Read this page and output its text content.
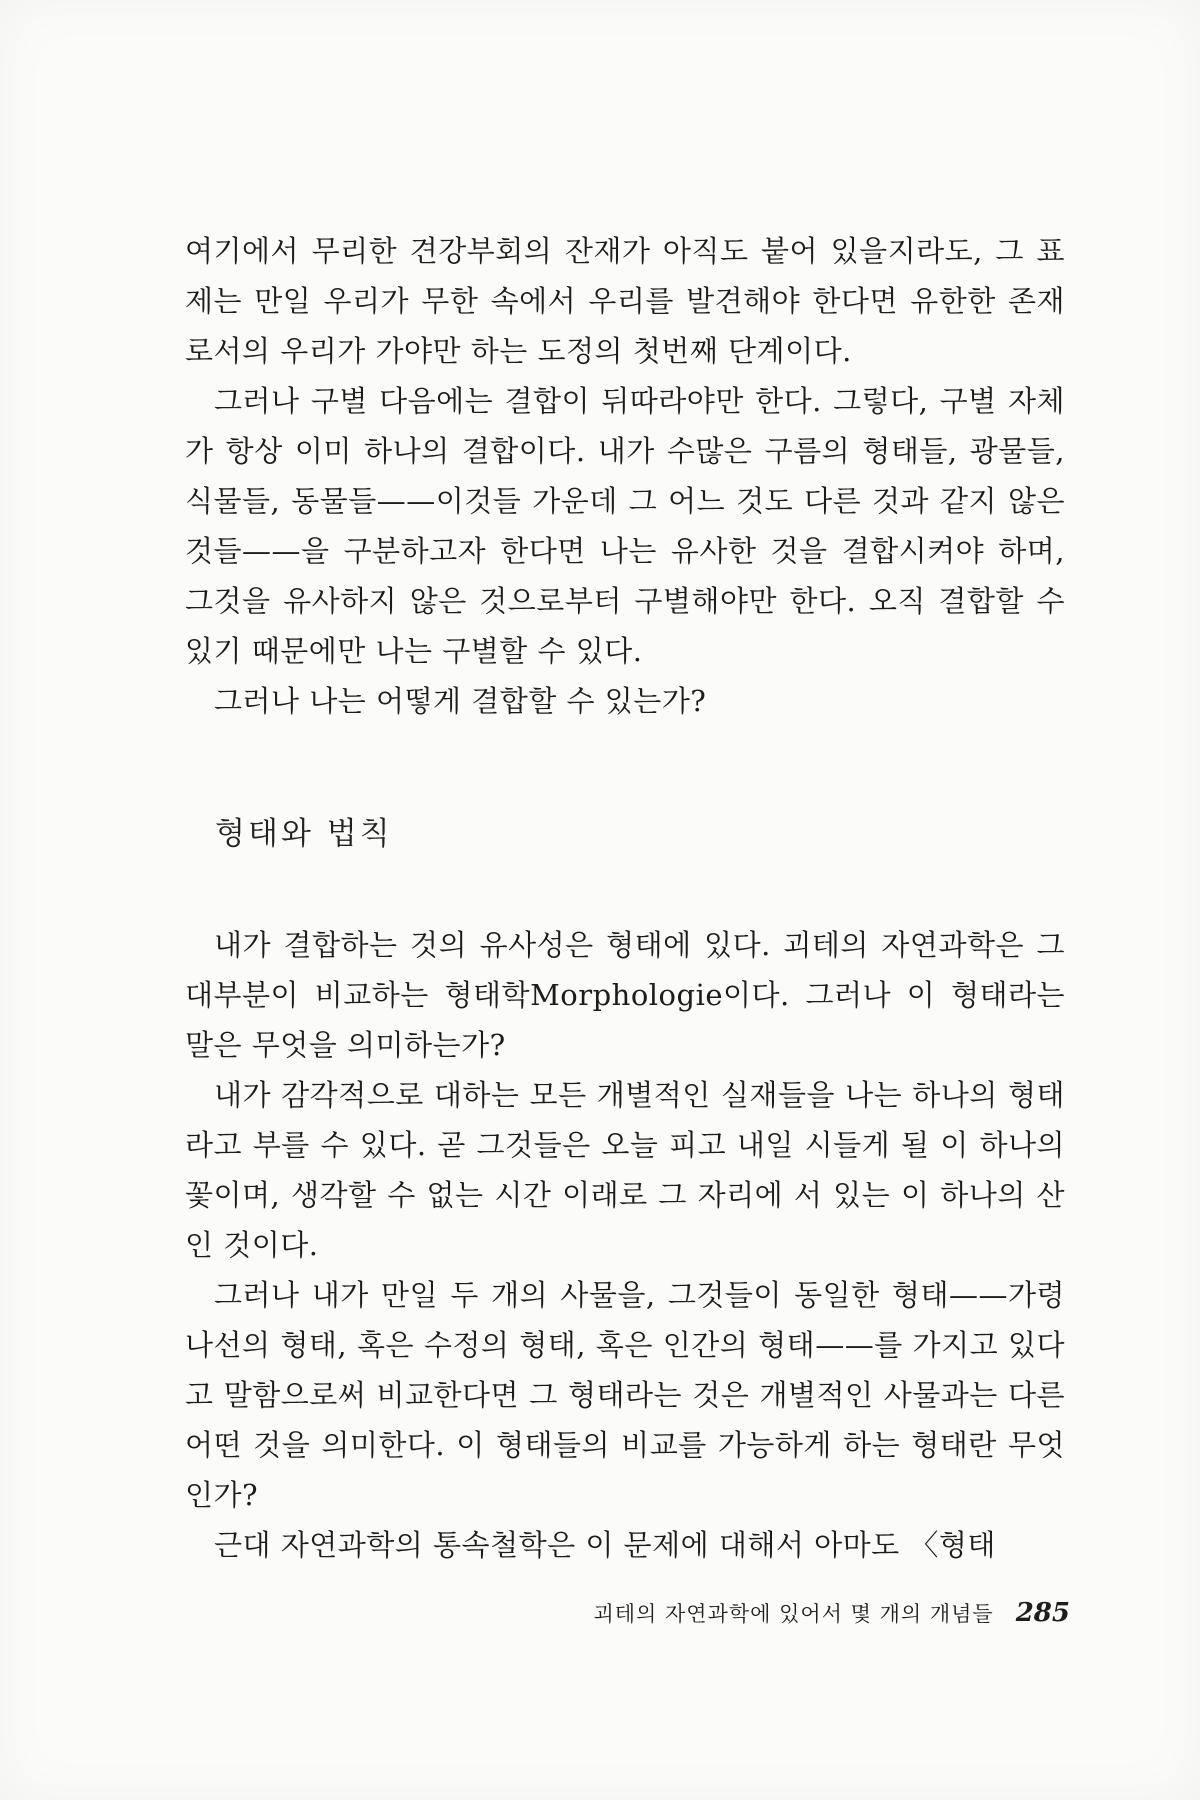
여기에서 무리한 견강부회의 잔재가 아직도 붙어 있을지라도, 그 표제는 만일 우리가 무한 속에서 우리를 발견해야 한다면 유한한 존재로서의 우리가 가야만 하는 도정의 첫번째 단계이다.

그러나 구별 다음에는 결합이 뒤따라야만 한다. 그렇다, 구별 자체가 항상 이미 하나의 결합이다. 내가 수많은 구름의 형태들, 광물들, 식물들, 동물들——이것들 가운데 그 어느 것도 다른 것과 같지 않은 것들——을 구분하고자 한다면 나는 유사한 것을 결합시켜야 하며, 그것을 유사하지 않은 것으로부터 구별해야만 한다. 오직 결합할 수 있기 때문에만 나는 구별할 수 있다.

그러나 나는 어떻게 결합할 수 있는가?

형태와 법칙

내가 결합하는 것의 유사성은 형태에 있다. 괴테의 자연과학은 그 대부분이 비교하는 형태학Morphologie이다. 그러나 이 형태라는 말은 무엇을 의미하는가?

내가 감각적으로 대하는 모든 개별적인 실재들을 나는 하나의 형태라고 부를 수 있다. 곧 그것들은 오늘 피고 내일 시들게 될 이 하나의 꽃이며, 생각할 수 없는 시간 이래로 그 자리에 서 있는 이 하나의 산인 것이다.

그러나 내가 만일 두 개의 사물을, 그것들이 동일한 형태——가령 나선의 형태, 혹은 수정의 형태, 혹은 인간의 형태——를 가지고 있다고 말함으로써 비교한다면 그 형태라는 것은 개별적인 사물과는 다른 어떤 것을 의미한다. 이 형태들의 비교를 가능하게 하는 형태란 무엇인가?

근대 자연과학의 통속철학은 이 문제에 대해서 아마도 〈형태

괴테의 자연과학에 있어서 몇 개의 개념들 285
